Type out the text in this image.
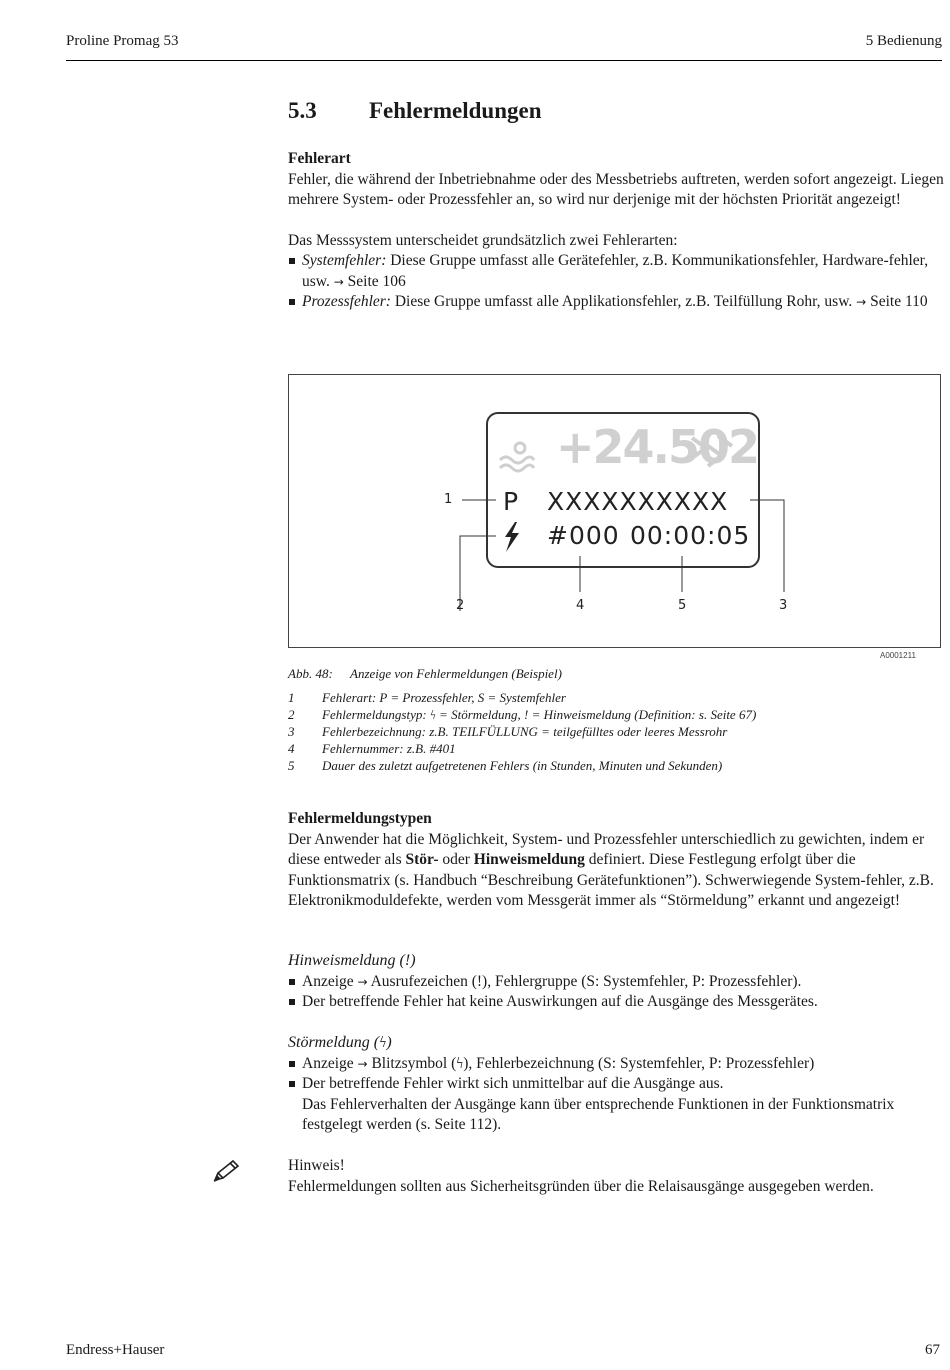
Proline Promag 53	5 Bedienung
5.3 Fehlermeldungen
Fehlerart
Fehler, die während der Inbetriebnahme oder des Messbetriebs auftreten, werden sofort angezeigt. Liegen mehrere System- oder Prozessfehler an, so wird nur derjenige mit der höchsten Priorität angezeigt!
Das Messsystem unterscheidet grundsätzlich zwei Fehlerarten:
Systemfehler: Diese Gruppe umfasst alle Gerätefehler, z.B. Kommunikationsfehler, Hardware-fehler, usw. → Seite 106
Prozessfehler: Diese Gruppe umfasst alle Applikationsfehler, z.B. Teilfüllung Rohr, usw. → Seite 110
+24.502
P XXXXXXXXXX
#000 00:00:05
1
2	4	5	3
A0001211
Abb. 48: Anzeige von Fehlermeldungen (Beispiel)
1 Fehlerart: P = Prozessfehler, S = Systemfehler
2 Fehlermeldungstyp: ϟ = Störmeldung, ! = Hinweismeldung (Definition: s. Seite 67)
3 Fehlerbezeichnung: z.B. TEILFÜLLUNG = teilgefülltes oder leeres Messrohr
4 Fehlernummer: z.B. #401
5 Dauer des zuletzt aufgetretenen Fehlers (in Stunden, Minuten und Sekunden)
Fehlermeldungstypen
Der Anwender hat die Möglichkeit, System- und Prozessfehler unterschiedlich zu gewichten, indem er diese entweder als Stör- oder Hinweismeldung definiert. Diese Festlegung erfolgt über die Funktionsmatrix (s. Handbuch “Beschreibung Gerätefunktionen”). Schwerwiegende System-fehler, z.B. Elektronikmoduldefekte, werden vom Messgerät immer als “Störmeldung” erkannt und angezeigt!
Hinweismeldung (!)
Anzeige → Ausrufezeichen (!), Fehlergruppe (S: Systemfehler, P: Prozessfehler).
Der betreffende Fehler hat keine Auswirkungen auf die Ausgänge des Messgerätes.
Störmeldung (ϟ)
Anzeige → Blitzsymbol (ϟ), Fehlerbezeichnung (S: Systemfehler, P: Prozessfehler)
Der betreffende Fehler wirkt sich unmittelbar auf die Ausgänge aus.
Das Fehlerverhalten der Ausgänge kann über entsprechende Funktionen in der Funktionsmatrix festgelegt werden (s. Seite 112).
Hinweis!
Fehlermeldungen sollten aus Sicherheitsgründen über die Relaisausgänge ausgegeben werden.
Endress+Hauser	67
